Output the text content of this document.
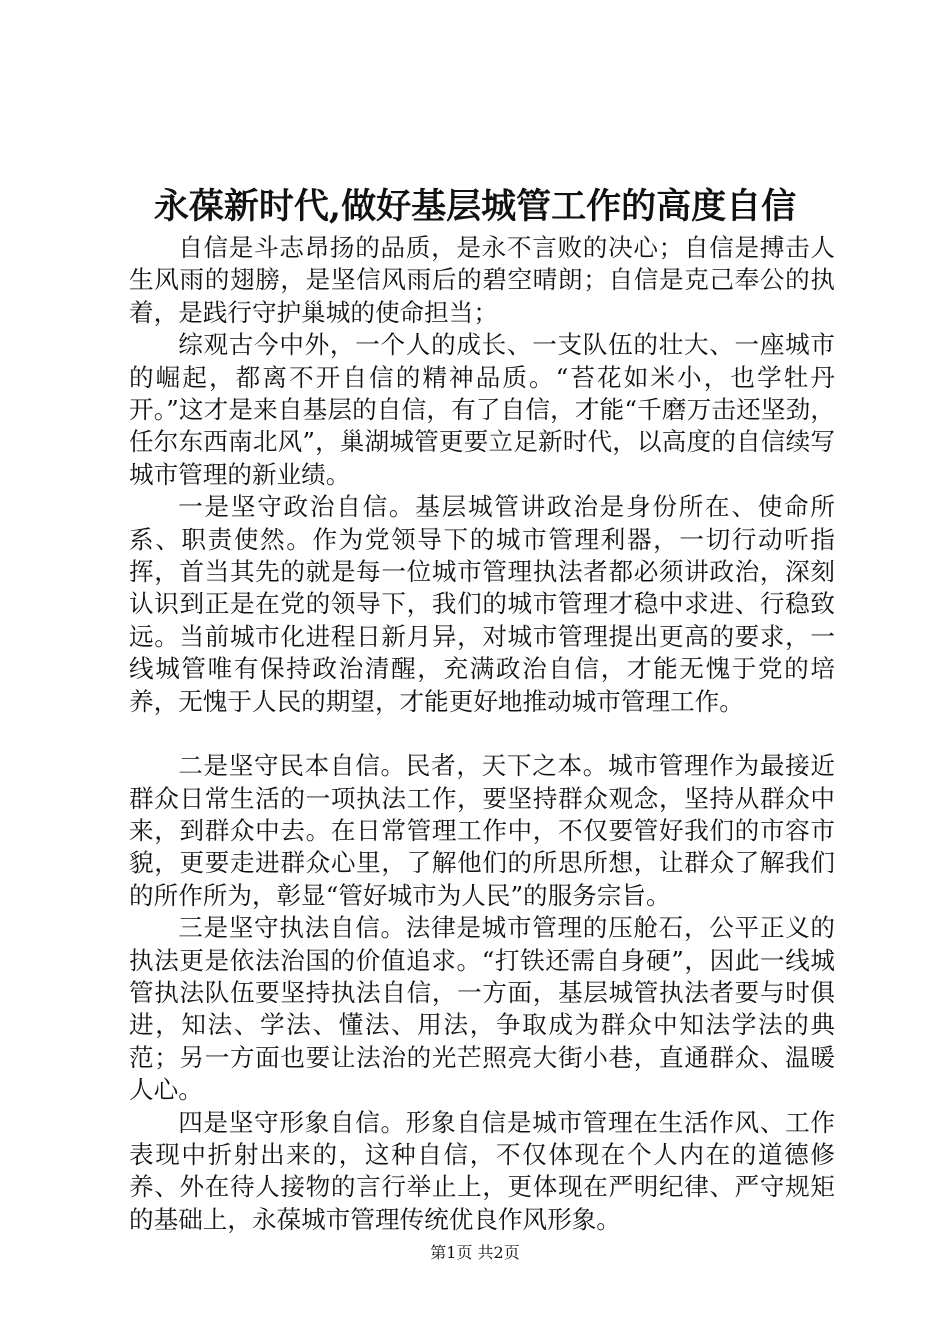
永葆新时代,做好基层城管工作的高度自信

自信是斗志昂扬的品质，是永不言败的决心；自信是搏击人生风雨的翅膀，是坚信风雨后的碧空晴朗；自信是克己奉公的执着，是践行守护巢城的使命担当；

综观古今中外，一个人的成长、一支队伍的壮大、一座城市的崛起，都离不开自信的精神品质。“苔花如米小，也学牡丹开。”这才是来自基层的自信，有了自信，才能“千磨万击还坚劲，任尔东西南北风”，巢湖城管更要立足新时代，以高度的自信续写城市管理的新业绩。

一是坚守政治自信。基层城管讲政治是身份所在、使命所系、职责使然。作为党领导下的城市管理利器，一切行动听指挥，首当其先的就是每一位城市管理执法者都必须讲政治，深刻认识到正是在党的领导下，我们的城市管理才稳中求进、行稳致远。当前城市化进程日新月异，对城市管理提出更高的要求，一线城管唯有保持政治清醒，充满政治自信，才能无愧于党的培养，无愧于人民的期望，才能更好地推动城市管理工作。

二是坚守民本自信。民者，天下之本。城市管理作为最接近群众日常生活的一项执法工作，要坚持群众观念，坚持从群众中来，到群众中去。在日常管理工作中，不仅要管好我们的市容市貌，更要走进群众心里，了解他们的所思所想，让群众了解我们的所作所为，彰显“管好城市为人民”的服务宗旨。

三是坚守执法自信。法律是城市管理的压舱石，公平正义的执法更是依法治国的价值追求。“打铁还需自身硬”，因此一线城管执法队伍要坚持执法自信，一方面，基层城管执法者要与时俱进，知法、学法、懂法、用法，争取成为群众中知法学法的典范；另一方面也要让法治的光芒照亮大街小巷，直通群众、温暖人心。

四是坚守形象自信。形象自信是城市管理在生活作风、工作表现中折射出来的，这种自信，不仅体现在个人内在的道德修养、外在待人接物的言行举止上，更体现在严明纪律、严守规矩的基础上，永葆城市管理传统优良作风形象。

第1页 共2页
